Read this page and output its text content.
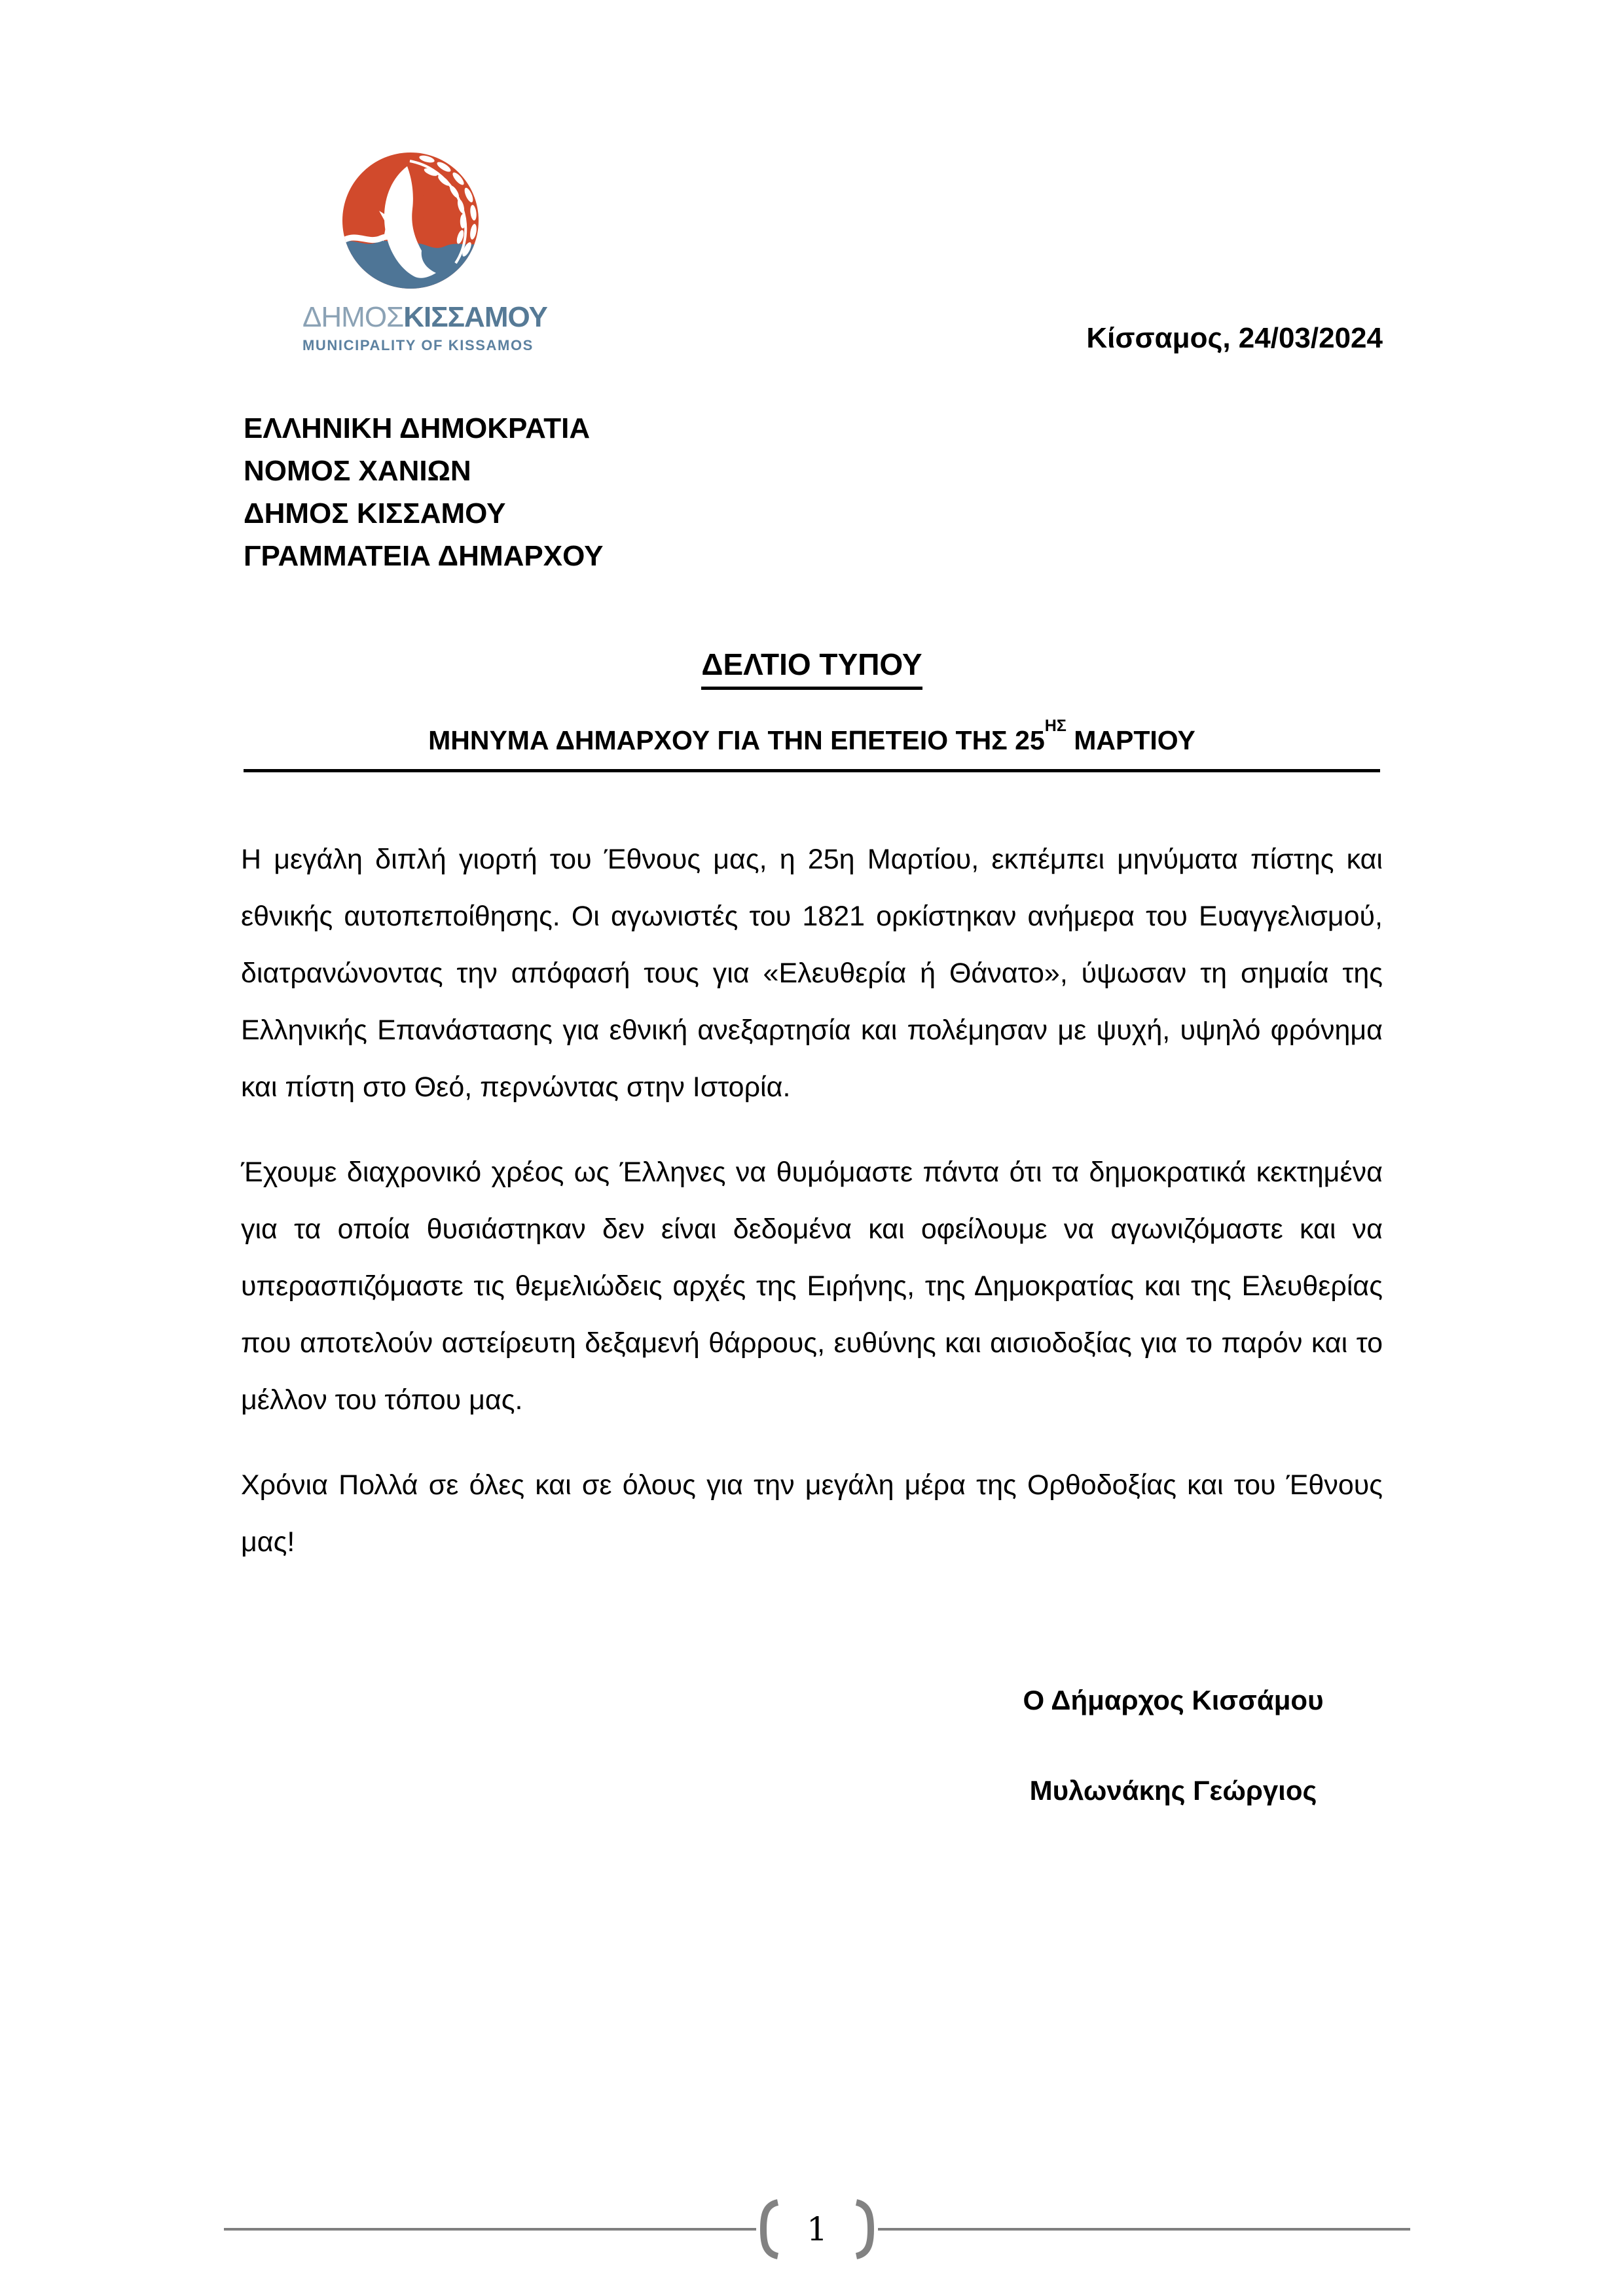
ΔΗΜΟΣΚΙΣΣΑΜΟΥ
MUNICIPALITY OF KISSAMOS	Κίσσαμος, 24/03/2024
ΕΛΛΗΝΙΚΗ ΔΗΜΟΚΡΑΤΙΑ
ΝΟΜΟΣ ΧΑΝΙΩΝ
ΔΗΜΟΣ ΚΙΣΣΑΜΟΥ
ΓΡΑΜΜΑΤΕΙΑ ΔΗΜΑΡΧΟΥ
ΔΕΛΤΙΟ ΤΥΠΟΥ
ΜΗΝΥΜΑ ΔΗΜΑΡΧΟΥ ΓΙΑ ΤΗΝ ΕΠΕΤΕΙΟ ΤΗΣ $25^{H\Sigma}$ ΜΑΡΤΙΟΥ

Η μεγάλη διπλή γιορτή του Έθνους μας, η 25η Μαρτίου, εκπέμπει μηνύματα πίστης και εθνικής αυτοπεποίθησης. Οι αγωνιστές του 1821 ορκίστηκαν ανήμερα του Ευαγγελισμού, διατρανώνοντας την απόφασή τους για «Ελευθερία ή Θάνατο», ύψωσαν τη σημαία της Ελληνικής Επανάστασης για εθνική ανεξαρτησία και πολέμησαν με ψυχή, υψηλό φρόνημα και πίστη στο Θεό, περνώντας στην Ιστορία.

Έχουμε διαχρονικό χρέος ως Έλληνες να θυμόμαστε πάντα ότι τα δημοκρατικά κεκτημένα για τα οποία θυσιάστηκαν δεν είναι δεδομένα και οφείλουμε να αγωνιζόμαστε και να υπερασπιζόμαστε τις θεμελιώδεις αρχές της Ειρήνης, της Δημοκρατίας και της Ελευθερίας που αποτελούν αστείρευτη δεξαμενή θάρρους, ευθύνης και αισιοδοξίας για το παρόν και το μέλλον του τόπου μας.

Χρόνια Πολλά σε όλες και σε όλους για την μεγάλη μέρα της Ορθοδοξίας και του Έθνους μας!

Ο Δήμαρχος Κισσάμου
Μυλωνάκης Γεώργιος
1
